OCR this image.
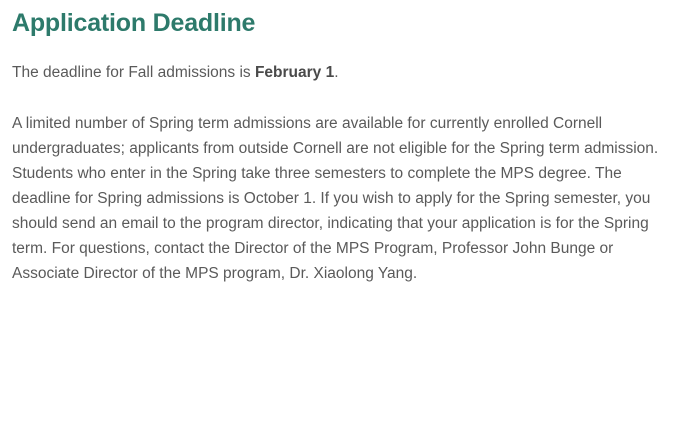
Application Deadline

The deadline for Fall admissions is February 1.

A limited number of Spring term admissions are available for currently enrolled Cornell undergraduates; applicants from outside Cornell are not eligible for the Spring term admission. Students who enter in the Spring take three semesters to complete the MPS degree. The deadline for Spring admissions is October 1. If you wish to apply for the Spring semester, you should send an email to the program director, indicating that your application is for the Spring term. For questions, contact the Director of the MPS Program, Professor John Bunge or Associate Director of the MPS program, Dr. Xiaolong Yang.
